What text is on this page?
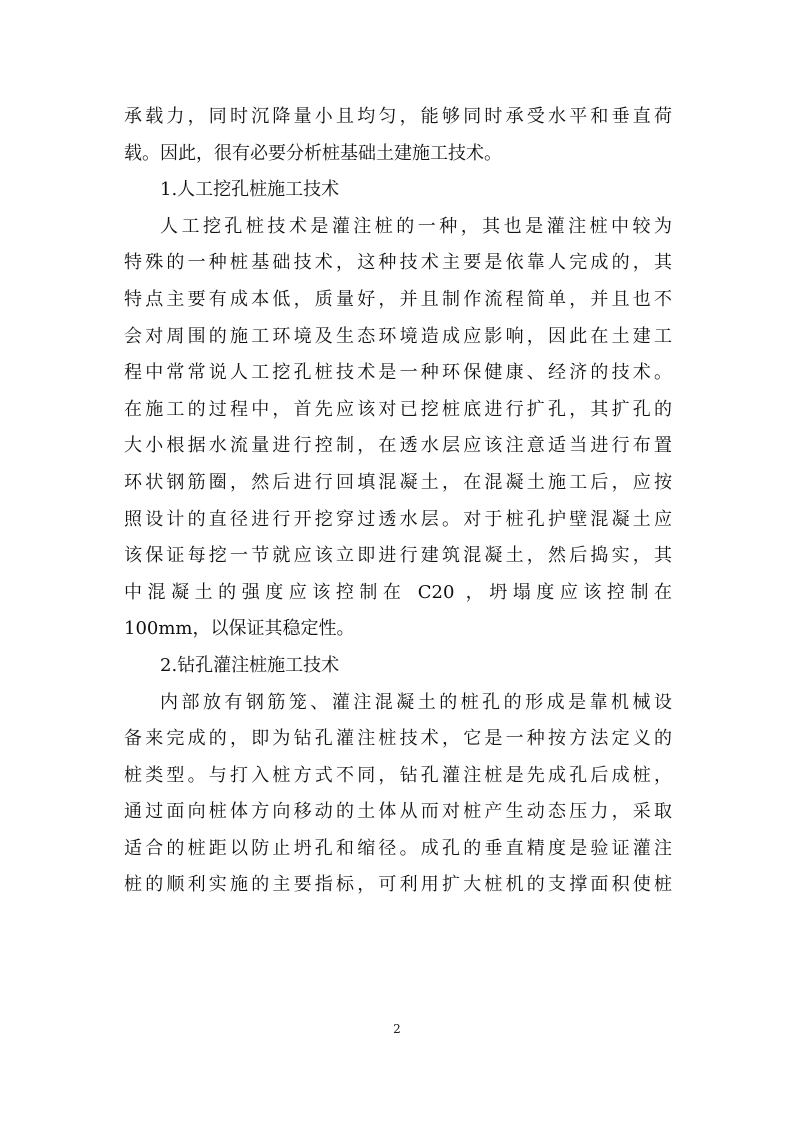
承载力，同时沉降量小且均匀，能够同时承受水平和垂直荷
载。因此，很有必要分析桩基础土建施工技术。
1.人工挖孔桩施工技术
人工挖孔桩技术是灌注桩的一种，其也是灌注桩中较为
特殊的一种桩基础技术，这种技术主要是依靠人完成的，其
特点主要有成本低，质量好，并且制作流程简单，并且也不
会对周围的施工环境及生态环境造成应影响，因此在土建工
程中常常说人工挖孔桩技术是一种环保健康、经济的技术。
在施工的过程中，首先应该对已挖桩底进行扩孔，其扩孔的
大小根据水流量进行控制，在透水层应该注意适当进行布置
环状钢筋圈，然后进行回填混凝土，在混凝土施工后，应按
照设计的直径进行开挖穿过透水层。对于桩孔护壁混凝土应
该保证每挖一节就应该立即进行建筑混凝土，然后捣实，其
中混凝土的强度应该控制在 C20 ，坍塌度应该控制在
100mm，以保证其稳定性。
2.钻孔灌注桩施工技术
内部放有钢筋笼、灌注混凝土的桩孔的形成是靠机械设
备来完成的，即为钻孔灌注桩技术，它是一种按方法定义的
桩类型。与打入桩方式不同，钻孔灌注桩是先成孔后成桩，
通过面向桩体方向移动的土体从而对桩产生动态压力，采取
适合的桩距以防止坍孔和缩径。成孔的垂直精度是验证灌注
桩的顺利实施的主要指标，可利用扩大桩机的支撑面积使桩
2
